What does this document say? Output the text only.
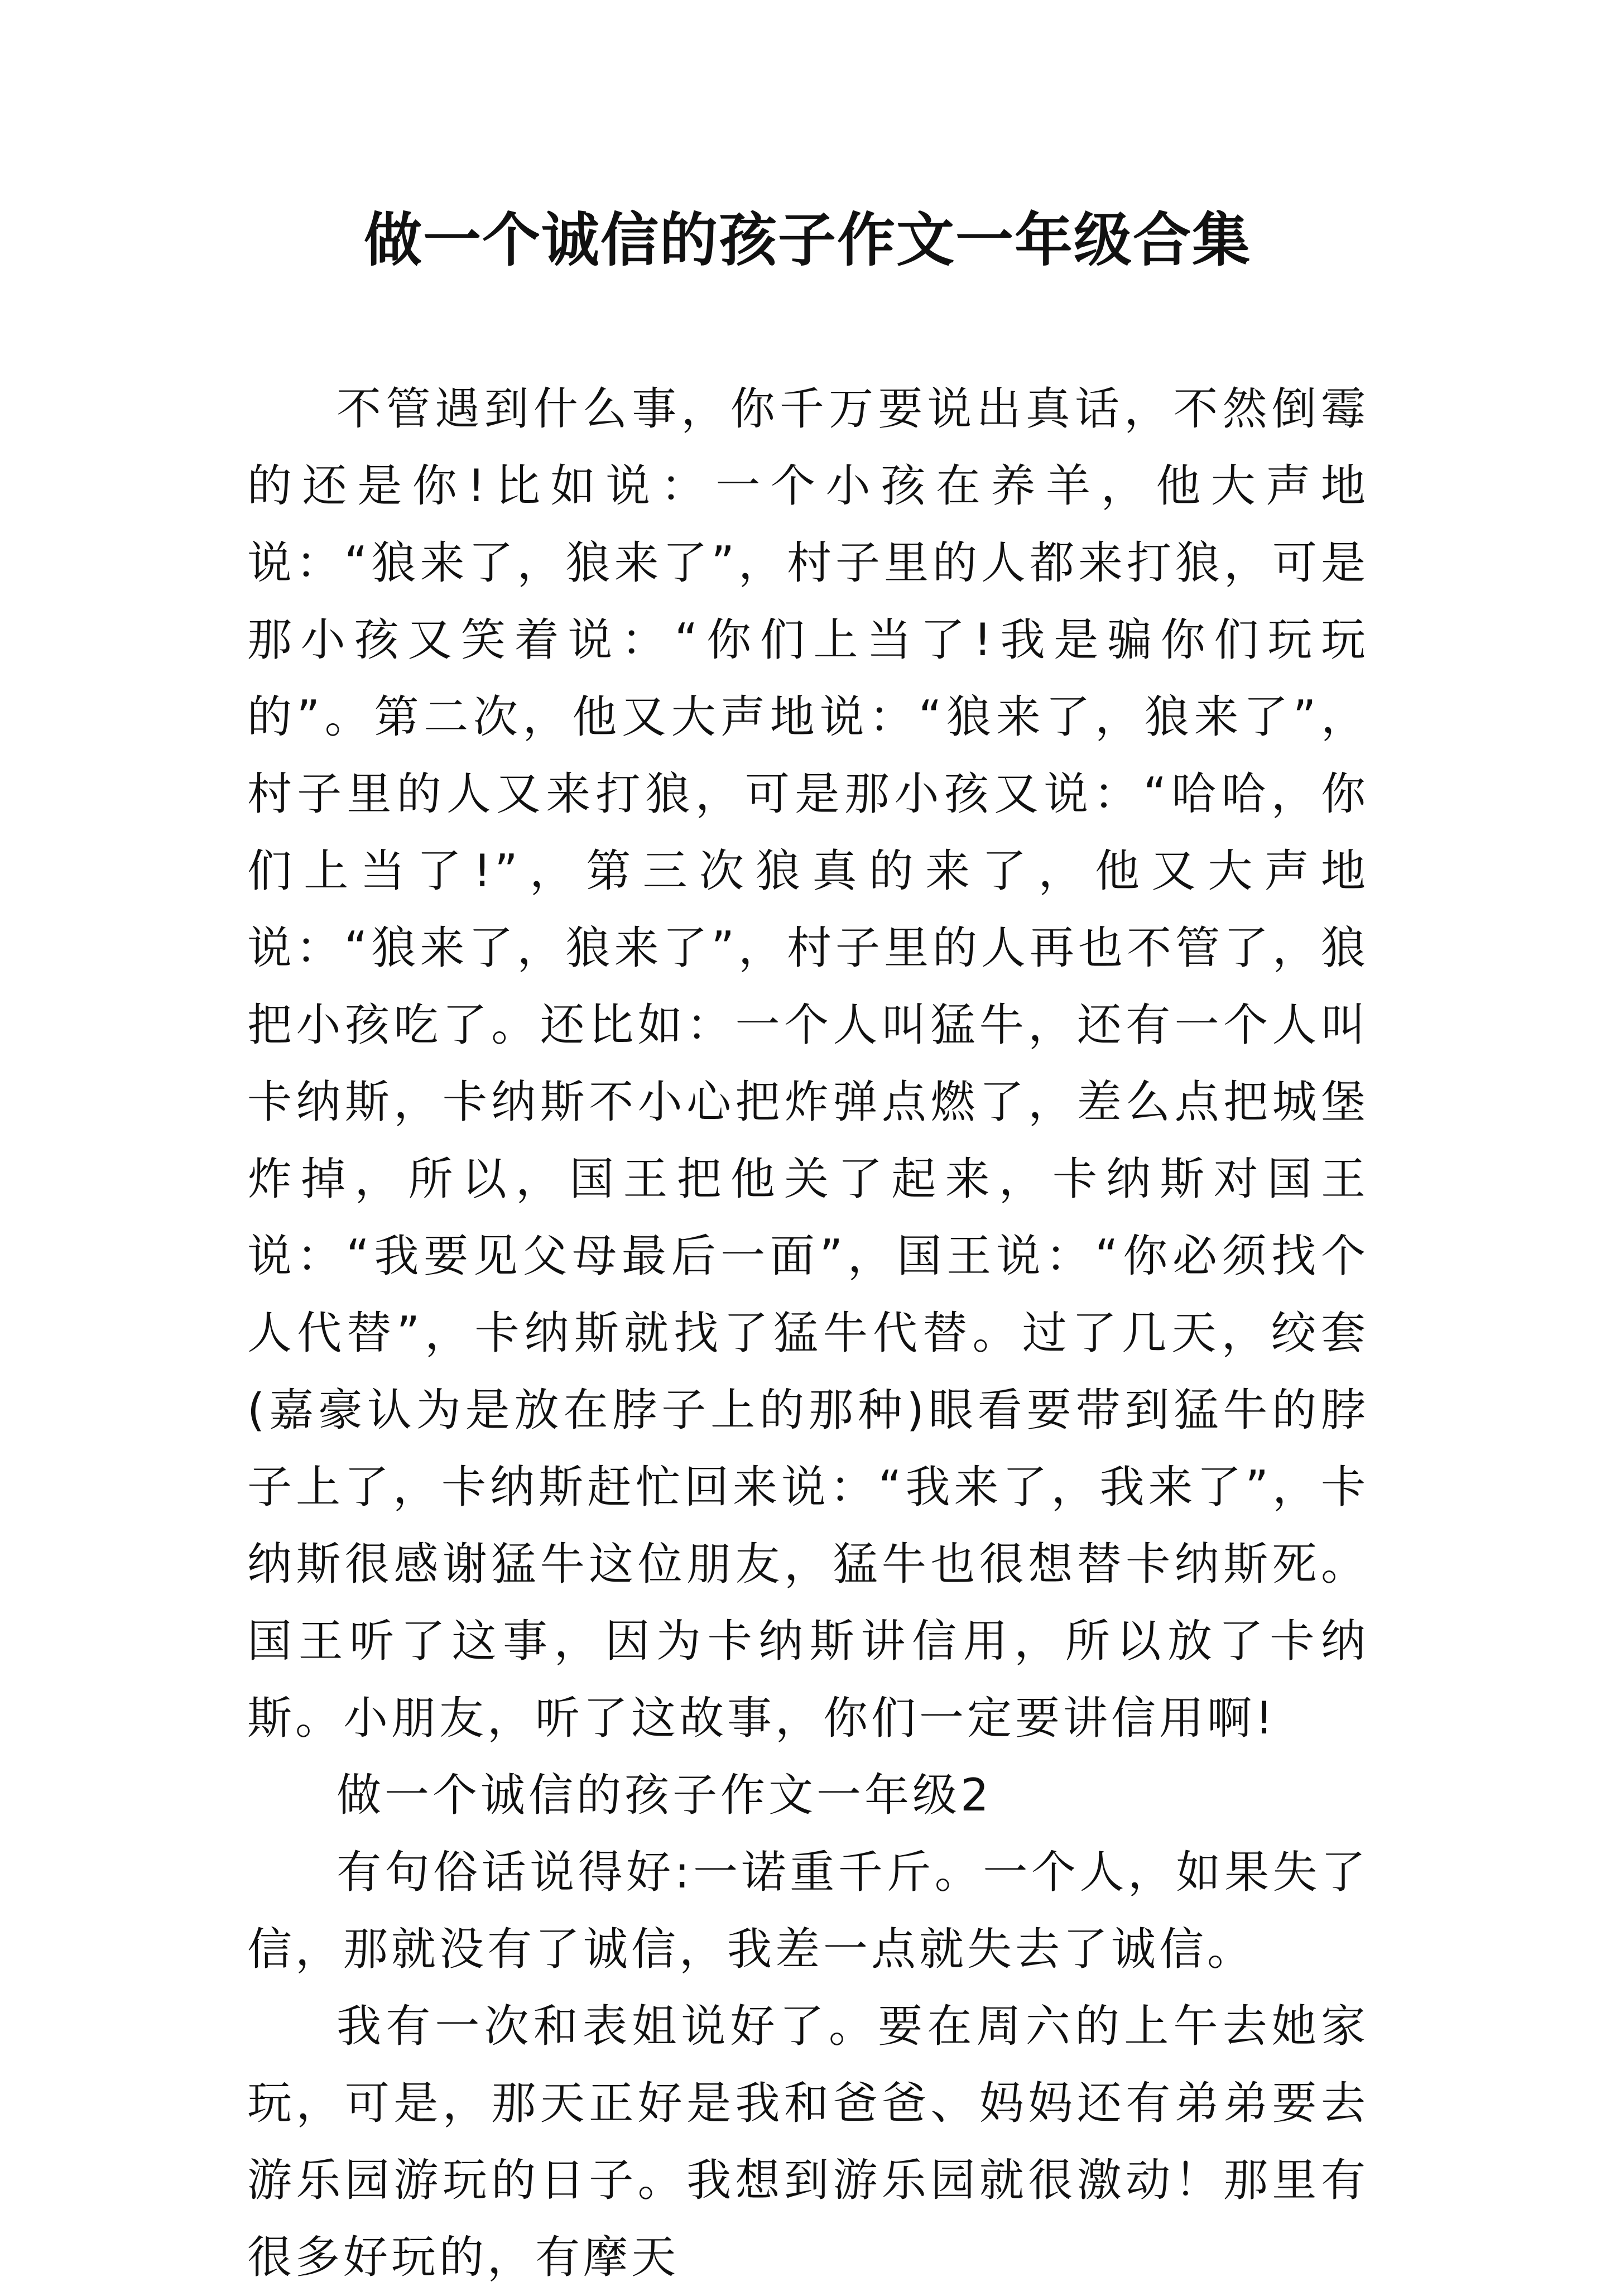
做一个诚信的孩子作文一年级合集

不管遇到什么事，你千万要说出真话，不然倒霉的还是你!比如说：一个小孩在养羊，他大声地说：“狼来了，狼来了”，村子里的人都来打狼，可是那小孩又笑着说：“你们上当了!我是骗你们玩玩的”。第二次，他又大声地说：“狼来了，狼来了”，村子里的人又来打狼，可是那小孩又说：“哈哈，你们上当了!”，第三次狼真的来了，他又大声地说：“狼来了，狼来了”，村子里的人再也不管了，狼把小孩吃了。还比如：一个人叫猛牛，还有一个人叫卡纳斯，卡纳斯不小心把炸弹点燃了，差么点把城堡炸掉，所以，国王把他关了起来，卡纳斯对国王说：“我要见父母最后一面”，国王说：“你必须找个人代替”，卡纳斯就找了猛牛代替。过了几天，绞套(嘉豪认为是放在脖子上的那种)眼看要带到猛牛的脖子上了，卡纳斯赶忙回来说：“我来了，我来了”，卡纳斯很感谢猛牛这位朋友，猛牛也很想替卡纳斯死。国王听了这事，因为卡纳斯讲信用，所以放了卡纳斯。小朋友，听了这故事，你们一定要讲信用啊!

做一个诚信的孩子作文一年级2

有句俗话说得好:一诺重千斤。一个人，如果失了信，那就没有了诚信，我差一点就失去了诚信。

我有一次和表姐说好了。要在周六的上午去她家玩，可是，那天正好是我和爸爸、妈妈还有弟弟要去游乐园游玩的日子。我想到游乐园就很激动！那里有很多好玩的，有摩天
